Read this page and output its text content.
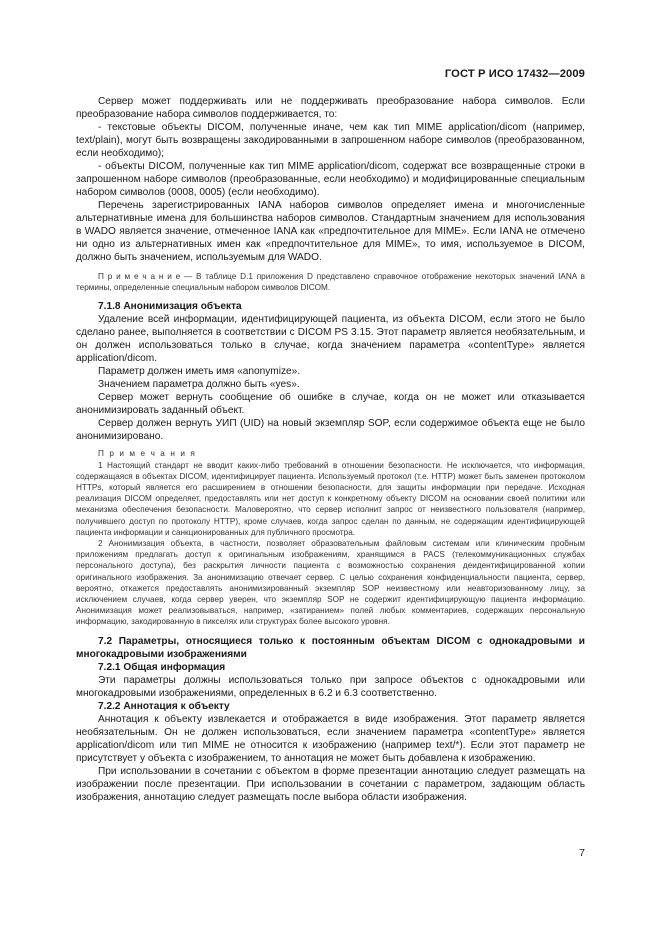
ГОСТ Р ИСО 17432—2009

Сервер может поддерживать или не поддерживать преобразование набора символов. Если преобразование набора символов поддерживается, то:

- текстовые объекты DICOM, полученные иначе, чем как тип MIME application/dicom (например, text/plain), могут быть возвращены закодированными в запрошенном наборе символов (преобразованном, если необходимо);

- объекты DICOM, полученные как тип MIME application/dicom, содержат все возвращенные строки в запрошенном наборе символов (преобразованные, если необходимо) и модифицированные специальным набором символов (0008, 0005) (если необходимо).

Перечень зарегистрированных IANA наборов символов определяет имена и многочисленные альтернативные имена для большинства наборов символов. Стандартным значением для использования в WADO является значение, отмеченное IANA как «предпочтительное для MIME». Если IANA не отмечено ни одно из альтернативных имен как «предпочтительное для MIME», то имя, используемое в DICOM, должно быть значением, используемым для WADO.

П р и м е ч а н и е — В таблице D.1 приложения D представлено справочное отображение некоторых значений IANA в термины, определенные специальным набором символов DICOM.

7.1.8 Анонимизация объекта

Удаление всей информации, идентифицирующей пациента, из объекта DICOM, если этого не было сделано ранее, выполняется в соответствии с DICOM PS 3.15. Этот параметр является необязательным, и он должен использоваться только в случае, когда значением параметра «contentType» является application/dicom.

Параметр должен иметь имя «anonymize».

Значением параметра должно быть «yes».

Сервер может вернуть сообщение об ошибке в случае, когда он не может или отказывается анонимизировать заданный объект.

Сервер должен вернуть УИП (UID) на новый экземпляр SOP, если содержимое объекта еще не было анонимизировано.

П р и м е ч а н и я

1 Настоящий стандарт не вводит каких-либо требований в отношении безопасности. Не исключается, что информация, содержащаяся в объектах DICOM, идентифицирует пациента. Используемый протокол (т.е. HTTP) может быть заменен протоколом HTTPs, который является его расширением в отношении безопасности, для защиты информации при передаче. Исходная реализация DICOM определяет, предоставлять или нет доступ к конкретному объекту DICOM на основании своей политики или механизма обеспечения безопасности. Маловероятно, что сервер исполнит запрос от неизвестного пользователя (например, получившего доступ по протоколу HTTP), кроме случаев, когда запрос сделан по данным, не содержащим идентифицирующей пациента информации и санкционированных для публичного просмотра.

2 Анонимизация объекта, в частности, позволяет образовательным файловым системам или клиническим пробным приложениям предлагать доступ к оригинальным изображениям, хранящимся в PACS (телекоммуникационных службах персонального доступа), без раскрытия личности пациента с возможностью сохранения деидентифицированной копии оригинального изображения. За анонимизацию отвечает сервер. С целью сохранения конфиденциальности пациента, сервер, вероятно, откажется предоставлять анонимизированный экземпляр SOP неизвестному или неавторизованному лицу, за исключением случаев, когда сервер уверен, что экземпляр SOP не содержит идентифицирующую пациента информацию. Анонимизация может реализовываться, например, «затиранием» полей любых комментариев, содержащих персональную информацию, закодированную в пикселях или структурах более высокого уровня.

7.2 Параметры, относящиеся только к постоянным объектам DICOM с однокадровыми и многокадровыми изображениями

7.2.1 Общая информация

Эти параметры должны использоваться только при запросе объектов с однокадровыми или многокадровыми изображениями, определенных в 6.2 и 6.3 соответственно.

7.2.2 Аннотация к объекту

Аннотация к объекту извлекается и отображается в виде изображения. Этот параметр является необязательным. Он не должен использоваться, если значением параметра «contentType» является application/dicom или тип MIME не относится к изображению (например text/*). Если этот параметр не присутствует у объекта с изображением, то аннотация не может быть добавлена к изображению.

При использовании в сочетании с объектом в форме презентации аннотацию следует размещать на изображении после презентации. При использовании в сочетании с параметром, задающим область изображения, аннотацию следует размещать после выбора области изображения.

7
